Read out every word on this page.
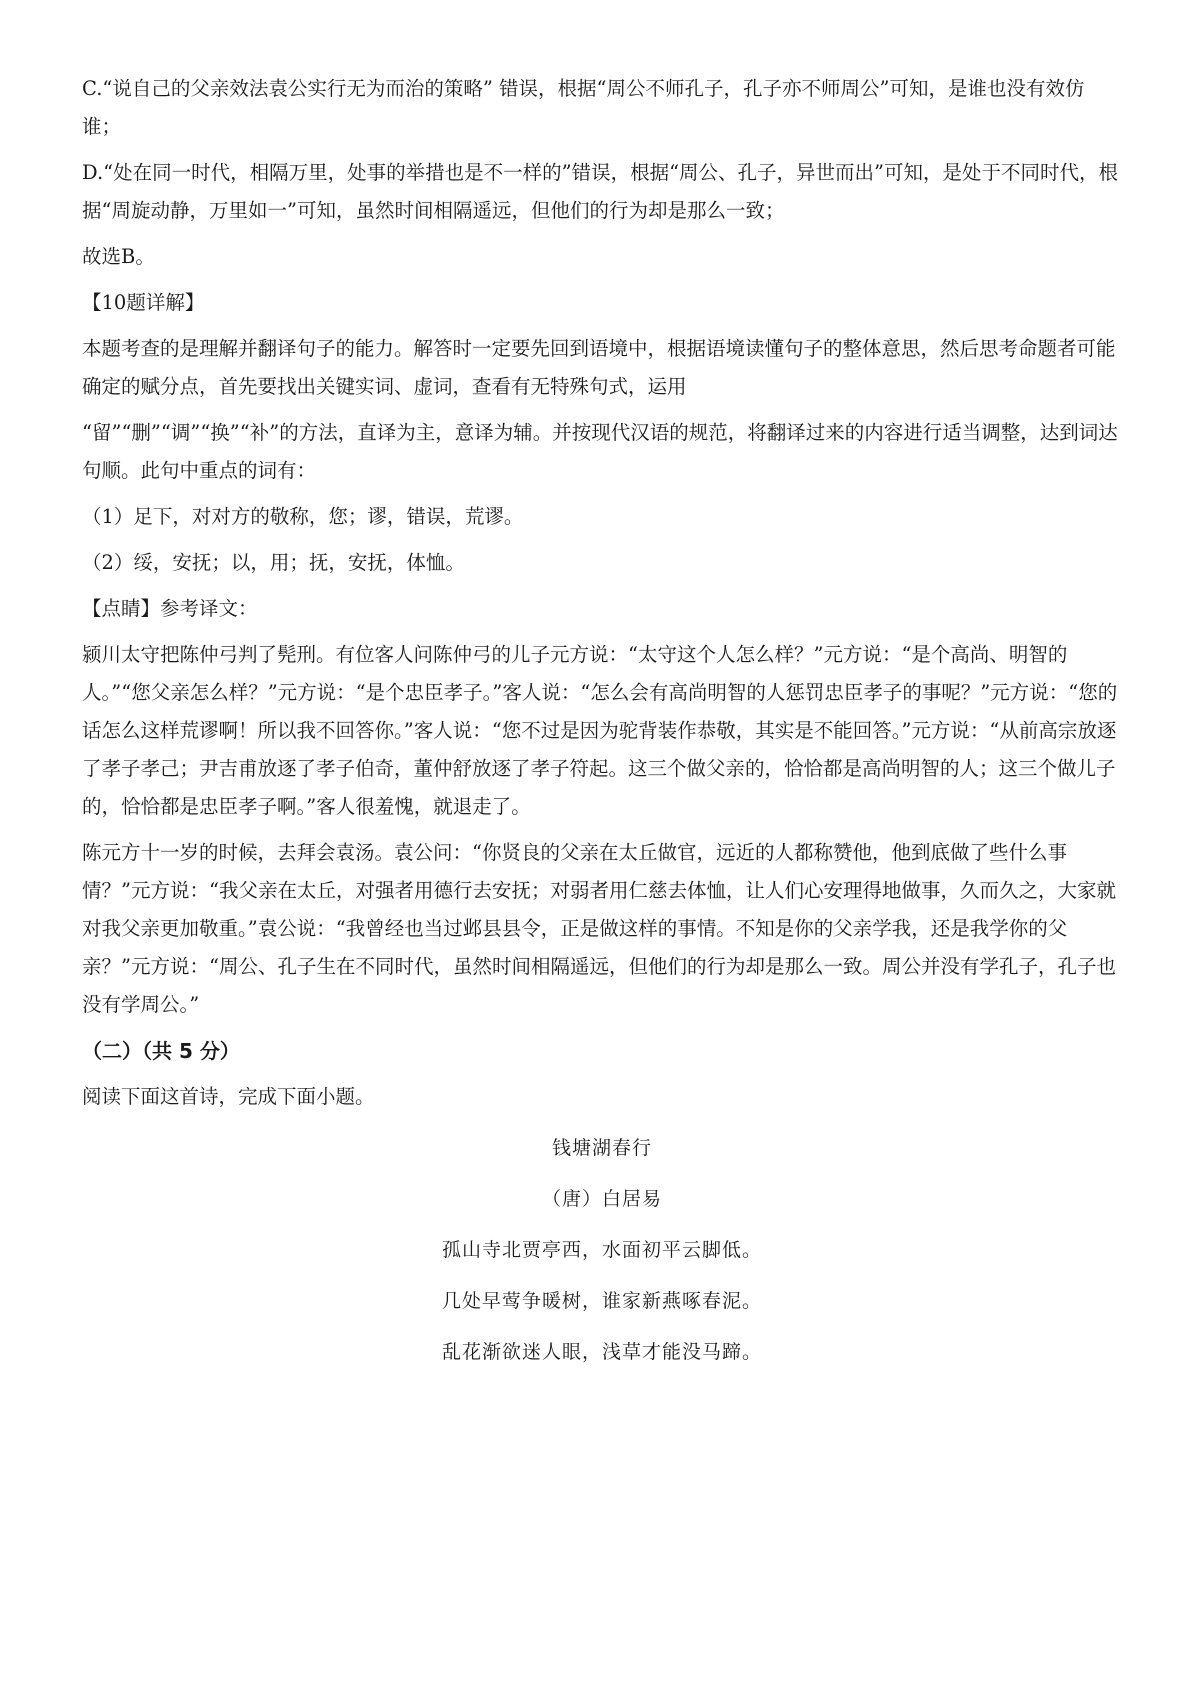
C.“说自己的父亲效法袁公实行无为而治的策略” 错误，根据“周公不师孔子，孔子亦不师周公”可知，是谁也没有效仿谁；

D.“处在同一时代，相隔万里，处事的举措也是不一样的”错误，根据“周公、孔子，异世而出”可知，是处于不同时代，根据“周旋动静，万里如一”可知，虽然时间相隔遥远，但他们的行为却是那么一致；

故选B。

【10题详解】

本题考查的是理解并翻译句子的能力。解答时一定要先回到语境中，根据语境读懂句子的整体意思，然后思考命题者可能确定的赋分点，首先要找出关键实词、虚词，查看有无特殊句式，运用

“留”“删”“调”“换”“补”的方法，直译为主，意译为辅。并按现代汉语的规范，将翻译过来的内容进行适当调整，达到词达句顺。此句中重点的词有：

（1）足下，对对方的敬称，您；谬，错误，荒谬。

（2）绥，安抚；以，用；抚，安抚，体恤。

【点睛】参考译文：

颍川太守把陈仲弓判了髡刑。有位客人问陈仲弓的儿子元方说：“太守这个人怎么样？”元方说：“是个高尚、明智的人。”“您父亲怎么样？”元方说：“是个忠臣孝子。”客人说：“怎么会有高尚明智的人惩罚忠臣孝子的事呢？”元方说：“您的话怎么这样荒谬啊！所以我不回答你。”客人说：“您不过是因为驼背装作恭敬，其实是不能回答。”元方说：“从前高宗放逐了孝子孝己；尹吉甫放逐了孝子伯奇，董仲舒放逐了孝子符起。这三个做父亲的，恰恰都是高尚明智的人；这三个做儿子的，恰恰都是忠臣孝子啊。”客人很羞愧，就退走了。

陈元方十一岁的时候，去拜会袁汤。袁公问：“你贤良的父亲在太丘做官，远近的人都称赞他，他到底做了些什么事情？”元方说：“我父亲在太丘，对强者用德行去安抚；对弱者用仁慈去体恤，让人们心安理得地做事，久而久之，大家就对我父亲更加敬重。”袁公说：“我曾经也当过邺县县令，正是做这样的事情。不知是你的父亲学我，还是我学你的父亲？”元方说：“周公、孔子生在不同时代，虽然时间相隔遥远，但他们的行为却是那么一致。周公并没有学孔子，孔子也没有学周公。”

（二）（共 5 分）

阅读下面这首诗，完成下面小题。

钱塘湖春行

（唐）白居易

孤山寺北贾亭西，水面初平云脚低。

几处早莺争暖树，谁家新燕啄春泥。

乱花渐欲迷人眼，浅草才能没马蹄。
